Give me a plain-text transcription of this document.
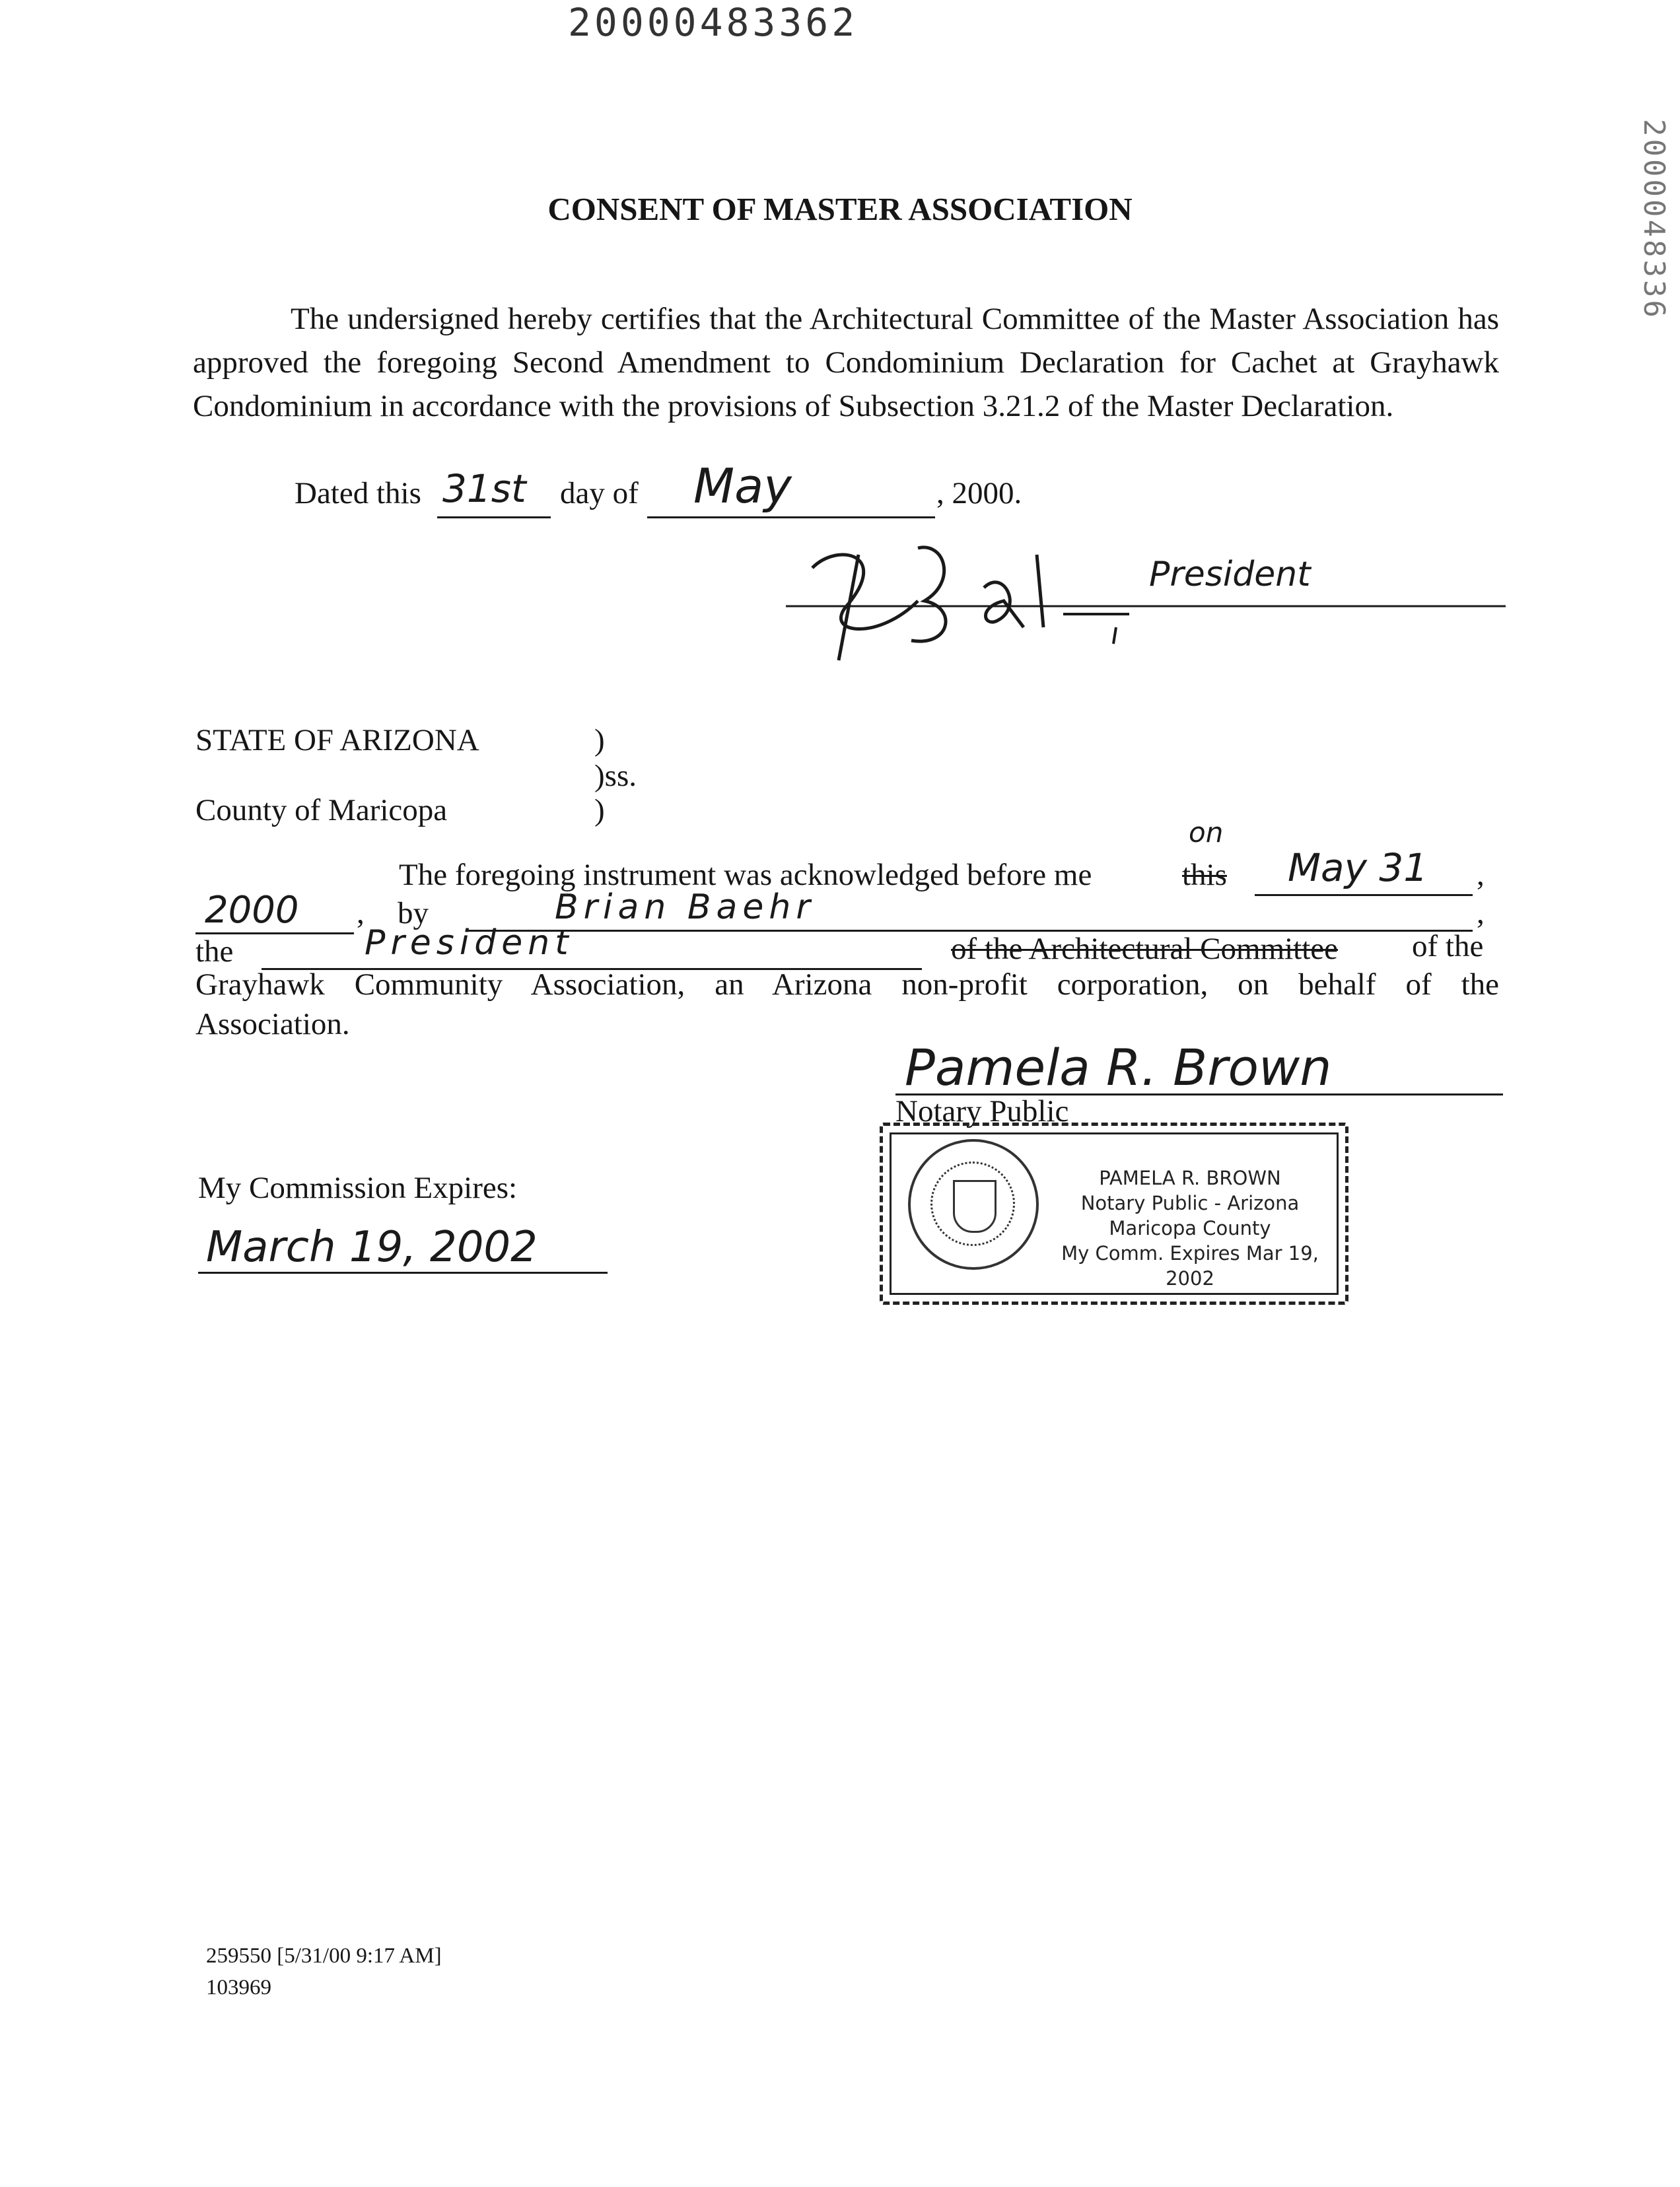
20000483362
2000048336
CONSENT OF MASTER ASSOCIATION
The undersigned hereby certifies that the Architectural Committee of the Master Association has approved the foregoing Second Amendment to Condominium Declaration for Cachet at Grayhawk Condominium in accordance with the provisions of Subsection 3.21.2 of the Master Declaration.
Dated this 31st day of May	, 2000.
President
STATE OF ARIZONA	)
)ss.
County of Maricopa	)
The foregoing instrument was acknowledged before me	this
on
May 31 ,
2000 , by	Brian Baehr	,
the	President	of the Architectural Committee of the
Grayhawk Community Association, an Arizona non-profit corporation, on behalf of the
Association.
Pamela R. Brown
Notary Public
PAMELA R. BROWN
Notary Public - Arizona
Maricopa County
My Comm. Expires Mar 19, 2002
My Commission Expires:
March 19, 2002
259550 [5/31/00 9:17 AM]
103969
